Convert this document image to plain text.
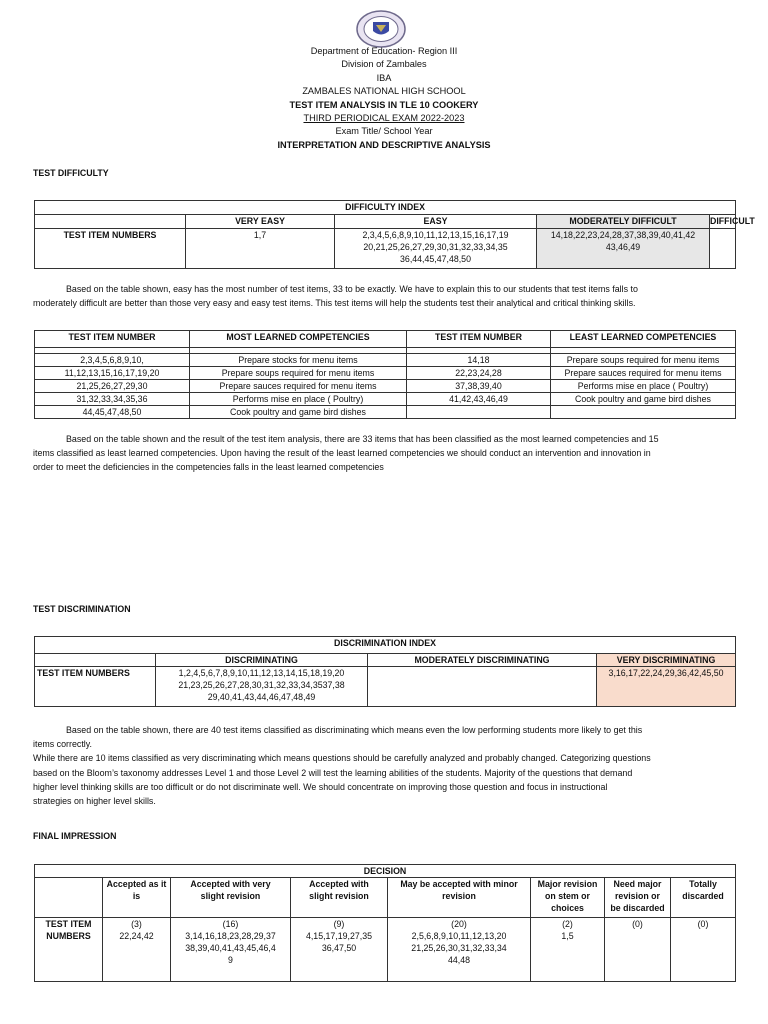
Department of Education- Region III
Division of Zambales
IBA
ZAMBALES NATIONAL HIGH SCHOOL
TEST ITEM ANALYSIS IN TLE 10 COOKERY
THIRD PERIODICAL EXAM 2022-2023
Exam Title/ School Year
INTERPRETATION AND DESCRIPTIVE ANALYSIS
TEST DIFFICULTY
DIFFICULTY INDEX				
	VERY EASY	EASY	MODERATELY DIFFICULT	DIFFICULT
TEST ITEM NUMBERS	1,7	2,3,4,5,6,8,9,10,11,12,13,15,16,17,19
20,21,25,26,27,29,30,31,32,33,34,35
36,44,45,47,48,50	14,18,22,23,24,28,37,38,39,40,41,42
43,46,49	

Based on the table shown, easy has the most number of test items, 33 to be exactly. We have to explain this to our students that test items falls to
moderately difficult are better than those very easy and easy test items. This test items will help the students test their analytical and critical thinking skills.
TEST ITEM NUMBER	MOST LEARNED COMPETENCIES	TEST ITEM NUMBER	LEAST LEARNED COMPETENCIES

2,3,4,5,6,8,9,10,	Prepare stocks for menu items	14,18	Prepare soups required for menu items
11,12,13,15,16,17,19,20	Prepare soups required for menu items	22,23,24,28	Prepare sauces required for menu items
21,25,26,27,29,30	Prepare sauces required for menu items	37,38,39,40	Performs mise en place ( Poultry)
31,32,33,34,35,36	Performs mise en place ( Poultry)	41,42,43,46,49	Cook poultry and game bird dishes
44,45,47,48,50	Cook poultry and game bird dishes		
Based on the table shown and the result of the test item analysis, there are 33 items that has been classified as the most learned competencies and 15
items classified as least learned competencies. Upon having the result of the least learned competencies we should conduct an intervention and innovation in
order to meet the deficiencies in the competencies falls in the least learned competencies
TEST DISCRIMINATION
DISCRIMINATION INDEX			
	DISCRIMINATING	MODERATELY DISCRIMINATING	VERY DISCRIMINATING
TEST ITEM NUMBERS	1,2,4,5,6,7,8,9,10,11,12,13,14,15,18,19,20
21,23,25,26,27,28,30,31,32,33,34,3537,38
29,40,41,43,44,46,47,48,49		3,16,17,22,24,29,36,42,45,50
Based on the table shown, there are 40 test items classified as discriminating which means even the low performing students more likely to get this
items correctly.
While there are 10 items classified as very discriminating which means questions should be carefully analyzed and probably changed. Categorizing questions
based on the Bloom’s taxonomy addresses Level 1 and those Level 2 will test the learning abilities of the students. Majority of the questions that demand
higher level thinking skills are too difficult or do not discriminate well. We should concentrate on improving those question and focus in instructional
strategies on higher level skills.
FINAL IMPRESSION
DECISION							

	Accepted as it
is	Accepted with very
slight revision	Accepted with
slight revision	May be accepted with minor
revision	Major revision
on stem or
choices	Need major
revision or
be discarded	Totally
discarded

TEST ITEM
NUMBERS	(3)
22,24,42	(16)
3,14,16,18,23,28,29,37
38,39,40,41,43,45,46,4
9	(9)
4,15,17,19,27,35
36,47,50	(20)
2,5,6,8,9,10,11,12,13,20
21,25,26,30,31,32,33,34
44,48	(2)
1,5	(0)	(0)
